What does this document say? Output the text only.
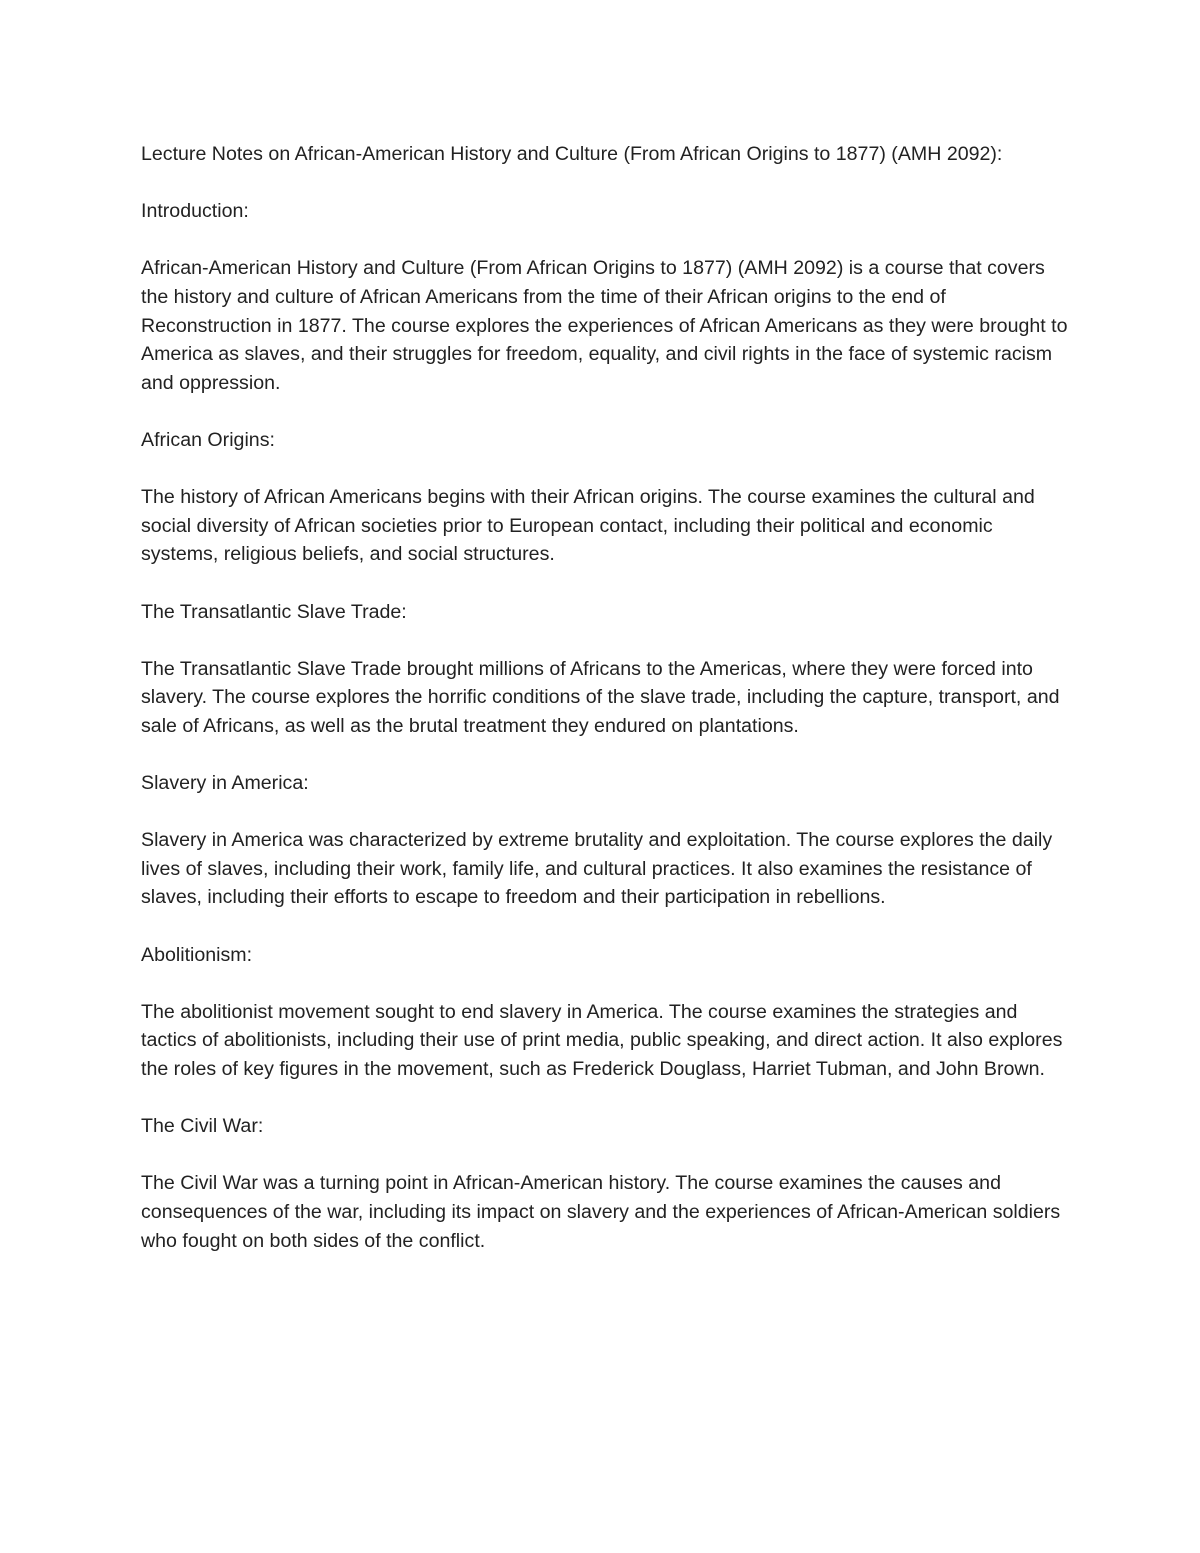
Lecture Notes on African-American History and Culture (From African Origins to 1877) (AMH 2092):

Introduction:

African-American History and Culture (From African Origins to 1877) (AMH 2092) is a course that covers the history and culture of African Americans from the time of their African origins to the end of Reconstruction in 1877. The course explores the experiences of African Americans as they were brought to America as slaves, and their struggles for freedom, equality, and civil rights in the face of systemic racism and oppression.

African Origins:

The history of African Americans begins with their African origins. The course examines the cultural and social diversity of African societies prior to European contact, including their political and economic systems, religious beliefs, and social structures.

The Transatlantic Slave Trade:

The Transatlantic Slave Trade brought millions of Africans to the Americas, where they were forced into slavery. The course explores the horrific conditions of the slave trade, including the capture, transport, and sale of Africans, as well as the brutal treatment they endured on plantations.

Slavery in America:

Slavery in America was characterized by extreme brutality and exploitation. The course explores the daily lives of slaves, including their work, family life, and cultural practices. It also examines the resistance of slaves, including their efforts to escape to freedom and their participation in rebellions.

Abolitionism:

The abolitionist movement sought to end slavery in America. The course examines the strategies and tactics of abolitionists, including their use of print media, public speaking, and direct action. It also explores the roles of key figures in the movement, such as Frederick Douglass, Harriet Tubman, and John Brown.

The Civil War:

The Civil War was a turning point in African-American history. The course examines the causes and consequences of the war, including its impact on slavery and the experiences of African-American soldiers who fought on both sides of the conflict.
